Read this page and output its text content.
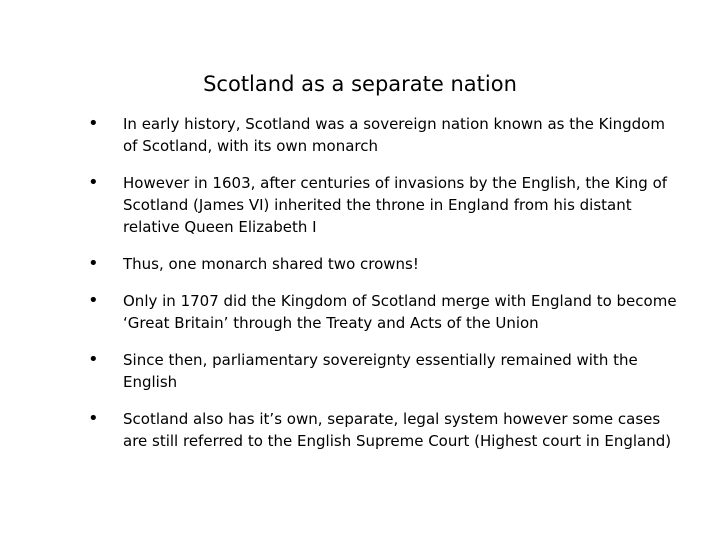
Scotland as a separate nation
•	In early history, Scotland was a sovereign nation known as the Kingdom of Scotland, with its own monarch
•	However in 1603, after centuries of invasions by the English, the King of Scotland (James VI) inherited the throne in England from his distant relative Queen Elizabeth I
•	Thus, one monarch shared two crowns!
•	Only in 1707 did the Kingdom of Scotland merge with England to become ‘Great Britain’ through the Treaty and Acts of the Union
•	Since then, parliamentary sovereignty essentially remained with the English
•	Scotland also has it’s own, separate, legal system however some cases are still referred to the English Supreme Court (Highest court in England)
